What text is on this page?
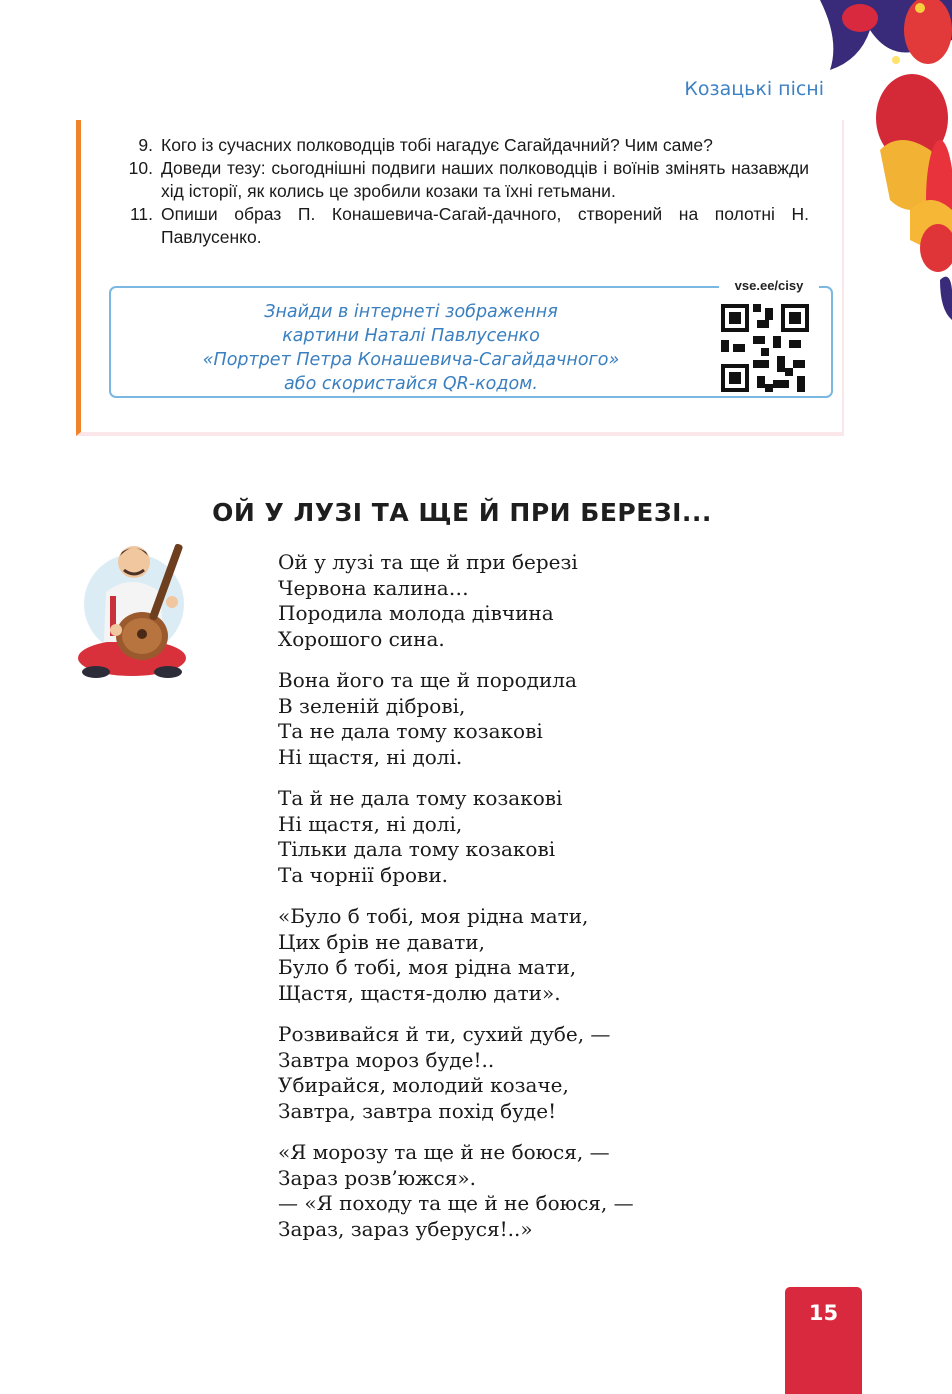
Козацькі пісні

9. Кого із сучасних полководців тобі нагадує Сагайдачний? Чим саме?

10. Доведи тезу: сьогоднішні подвиги наших полководців і воїнів змінять назавжди хід історії, як колись це зробили козаки та їхні гетьмани.

11. Опиши образ П. Конашевича-Сагай-дачного, створений на полотні Н. Павлусенко.

Знайди в інтернеті зображення
картини Наталі Павлусенко
«Портрет Петра Конашевича-Сагайдачного»
або скористайся QR-кодом.
vse.ee/cisy
ОЙ У ЛУЗІ ТА ЩЕ Й ПРИ БЕРЕЗІ...
Ой у лузі та ще й при березі
Червона калина…
Породила молода дівчина
Хорошого сина.
Вона його та ще й породила
В зеленій діброві,
Та не дала тому козакові
Ні щастя, ні долі.
Та й не дала тому козакові
Ні щастя, ні долі,
Тільки дала тому козакові
Та чорнії брови.
«Було б тобі, моя рідна мати,
Цих брів не давати,
Було б тобі, моя рідна мати,
Щастя, щастя-долю дати».
Розвивайся й ти, сухий дубе, —
Завтра мороз буде!..
Убирайся, молодий козаче,
Завтра, завтра похід буде!
«Я морозу та ще й не боюся, —
Зараз розв’южся».
— «Я походу та ще й не боюся, —
Зараз, зараз уберуся!..»
15
